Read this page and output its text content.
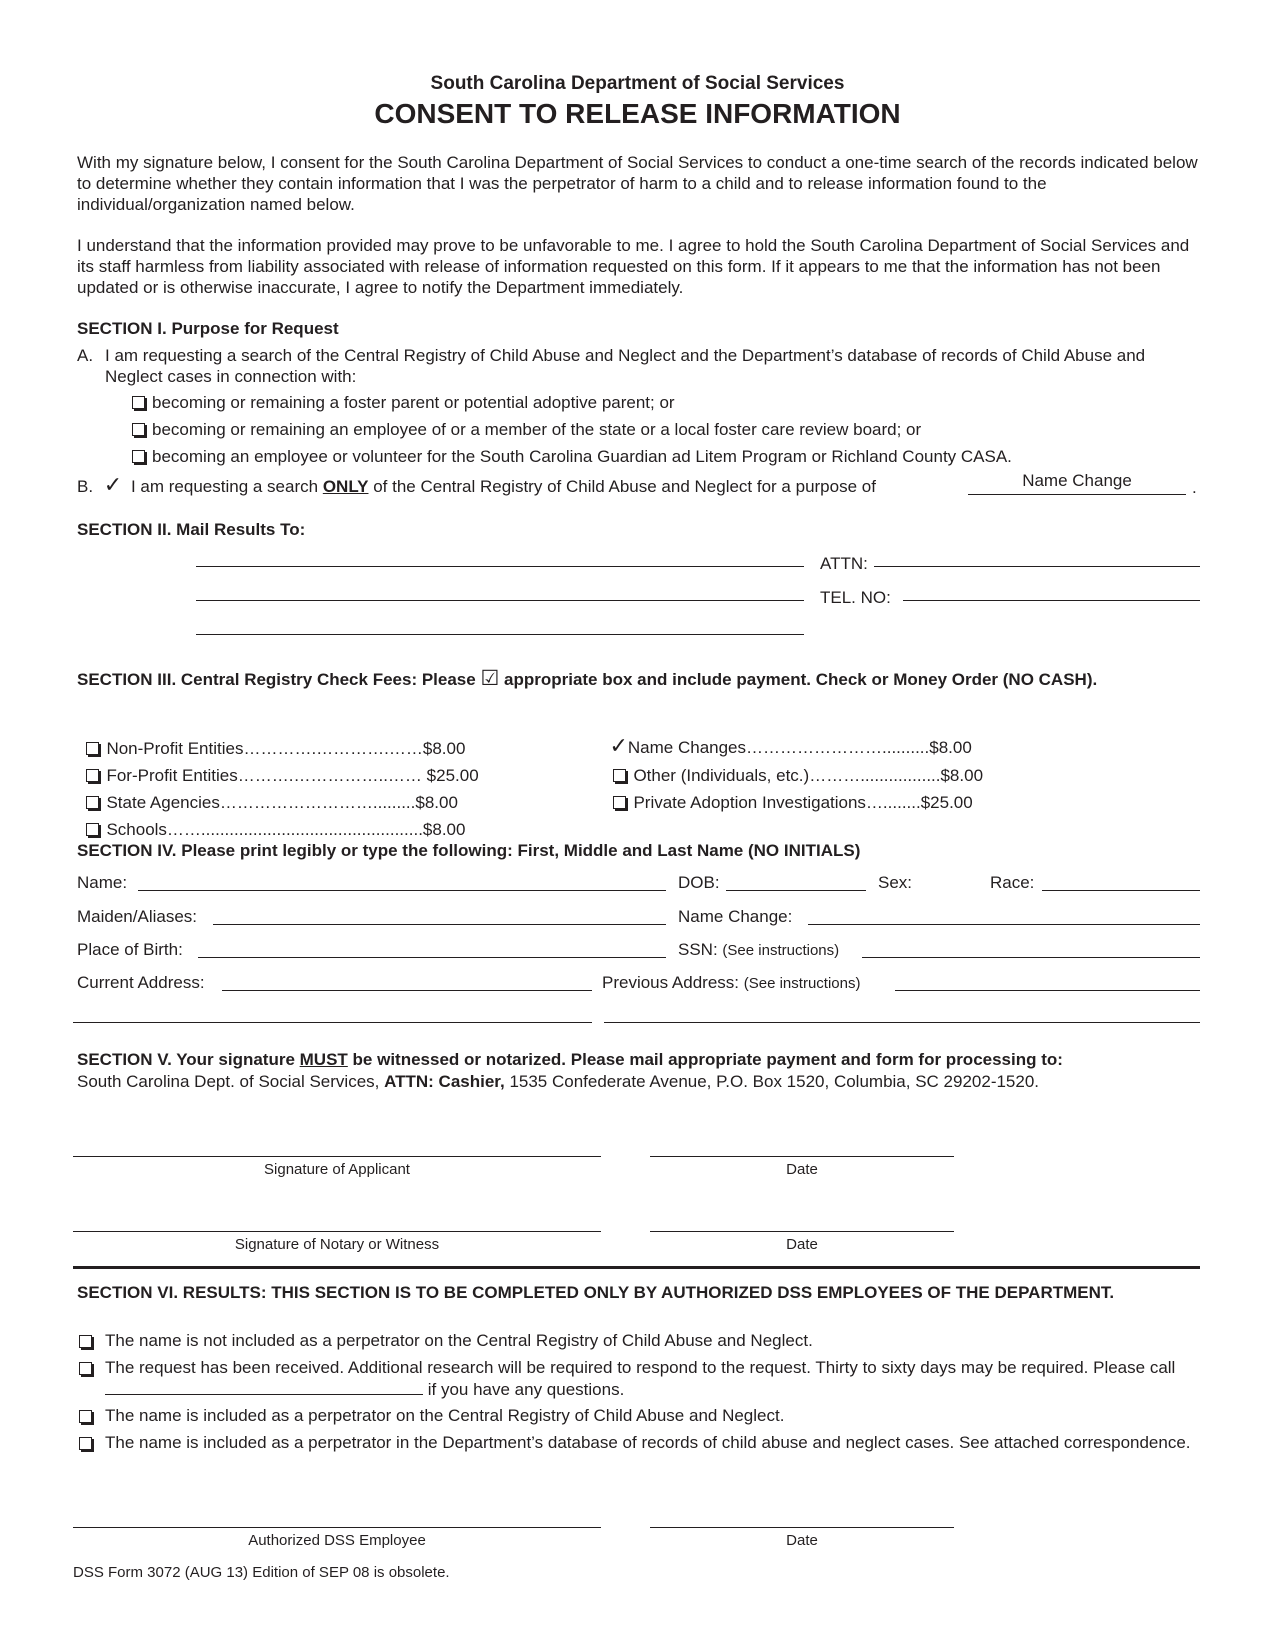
South Carolina Department of Social Services
CONSENT TO RELEASE INFORMATION

With my signature below, I consent for the South Carolina Department of Social Services to conduct a one-time search of the records indicated below to determine whether they contain information that I was the perpetrator of harm to a child and to release information found to the individual/organization named below.

I understand that the information provided may prove to be unfavorable to me. I agree to hold the South Carolina Department of Social Services and its staff harmless from liability associated with release of information requested on this form. If it appears to me that the information has not been updated or is otherwise inaccurate, I agree to notify the Department immediately.

SECTION I. Purpose for Request
A. I am requesting a search of the Central Registry of Child Abuse and Neglect and the Department’s database of records of Child Abuse and Neglect cases in connection with:

becoming or remaining a foster parent or potential adoptive parent; or
becoming or remaining an employee of or a member of the state or a local foster care review board; or
becoming an employee or volunteer for the South Carolina Guardian ad Litem Program or Richland County CASA.
B. ✓ I am requesting a search ONLY of the Central Registry of Child Abuse and Neglect for a purpose of	Name Change	.
SECTION II. Mail Results To:
ATTN:
TEL. NO:
SECTION III. Central Registry Check Fees: Please ☑ appropriate box and include payment. Check or Money Order (NO CASH).

Non-Profit Entities………….………….……$8.00

For-Profit Entities……….……………..…… $25.00

State Agencies……………………….........$8.00

Schools……...............................................$8.00

✓Name Changes……………………..........$8.00

Other (Individuals, etc.)……….................$8.00

Private Adoption Investigations…........$25.00

SECTION IV. Please print legibly or type the following: First, Middle and Last Name (NO INITIALS)
Name:	DOB:	Sex:	Race:
Maiden/Aliases:	Name Change:
Place of Birth:	SSN: (See instructions)
Current Address:	Previous Address: (See instructions)
SECTION V. Your signature MUST be witnessed or notarized. Please mail appropriate payment and form for processing to:
South Carolina Dept. of Social Services, ATTN: Cashier, 1535 Confederate Avenue, P.O. Box 1520, Columbia, SC 29202-1520.
Signature of Applicant	Date
Signature of Notary or Witness	Date

SECTION VI. RESULTS: THIS SECTION IS TO BE COMPLETED ONLY BY AUTHORIZED DSS EMPLOYEES OF THE DEPARTMENT.

The name is not included as a perpetrator on the Central Registry of Child Abuse and Neglect.

The request has been received. Additional research will be required to respond to the request. Thirty to sixty days may be required. Please call  if you have any questions.

The name is included as a perpetrator on the Central Registry of Child Abuse and Neglect.

The name is included as a perpetrator in the Department’s database of records of child abuse and neglect cases. See attached correspondence.

Authorized DSS Employee	Date
DSS Form 3072 (AUG 13) Edition of SEP 08 is obsolete.
